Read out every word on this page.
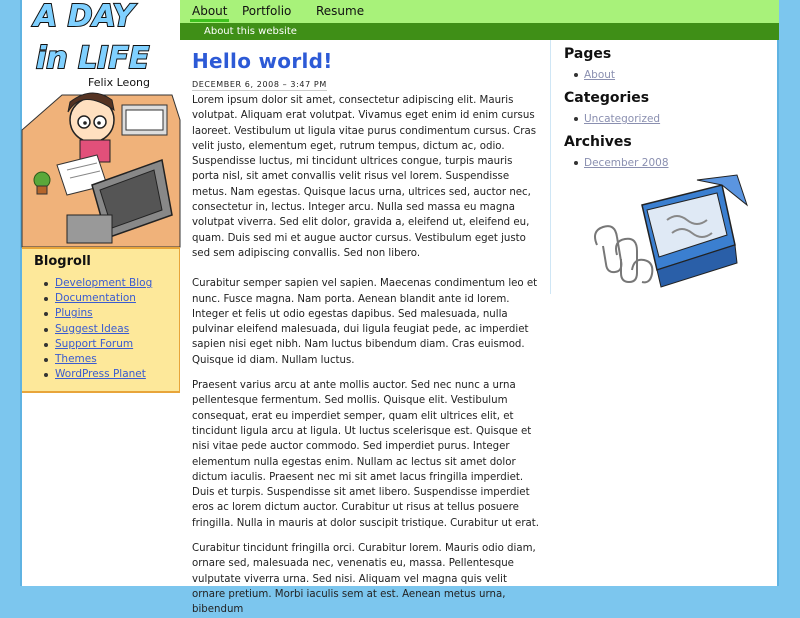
A DAY
in LIFE
Felix Leong
Blogroll
Development Blog
Documentation
Plugins
Suggest Ideas
Support Forum
Themes
WordPress Planet
About Portfolio Resume
About this website
Hello world!
DECEMBER 6, 2008 – 3:47 PM

Lorem ipsum dolor sit amet, consectetur adipiscing elit. Mauris volutpat. Aliquam erat volutpat. Vivamus eget enim id enim cursus laoreet. Vestibulum ut ligula vitae purus condimentum cursus. Cras velit justo, elementum eget, rutrum tempus, dictum ac, odio. Suspendisse luctus, mi tincidunt ultrices congue, turpis mauris porta nisl, sit amet convallis velit risus vel lorem. Suspendisse metus. Nam egestas. Quisque lacus urna, ultrices sed, auctor nec, consectetur in, lectus. Integer arcu. Nulla sed massa eu magna volutpat viverra. Sed elit dolor, gravida a, eleifend ut, eleifend eu, quam. Duis sed mi et augue auctor cursus. Vestibulum eget justo sed sem adipiscing convallis. Sed non libero.

Curabitur semper sapien vel sapien. Maecenas condimentum leo et nunc. Fusce magna. Nam porta. Aenean blandit ante id lorem. Integer et felis ut odio egestas dapibus. Sed malesuada, nulla pulvinar eleifend malesuada, dui ligula feugiat pede, ac imperdiet sapien nisi eget nibh. Nam luctus bibendum diam. Cras euismod. Quisque id diam. Nullam luctus.

Praesent varius arcu at ante mollis auctor. Sed nec nunc a urna pellentesque fermentum. Sed mollis. Quisque elit. Vestibulum consequat, erat eu imperdiet semper, quam elit ultrices elit, et tincidunt ligula arcu at ligula. Ut luctus scelerisque est. Quisque et nisi vitae pede auctor commodo. Sed imperdiet purus. Integer elementum nulla egestas enim. Nullam ac lectus sit amet dolor dictum iaculis. Praesent nec mi sit amet lacus fringilla imperdiet. Duis et turpis. Suspendisse sit amet libero. Suspendisse imperdiet eros ac lorem dictum auctor. Curabitur ut risus at tellus posuere fringilla. Nulla in mauris at dolor suscipit tristique. Curabitur ut erat.

Curabitur tincidunt fringilla orci. Curabitur lorem. Mauris odio diam, ornare sed, malesuada nec, venenatis eu, massa. Pellentesque vulputate viverra urna. Sed nisi. Aliquam vel magna quis velit ornare pretium. Morbi iaculis sem at est. Aenean metus urna, bibendum

Pages
About
Categories
Uncategorized
Archives
December 2008
